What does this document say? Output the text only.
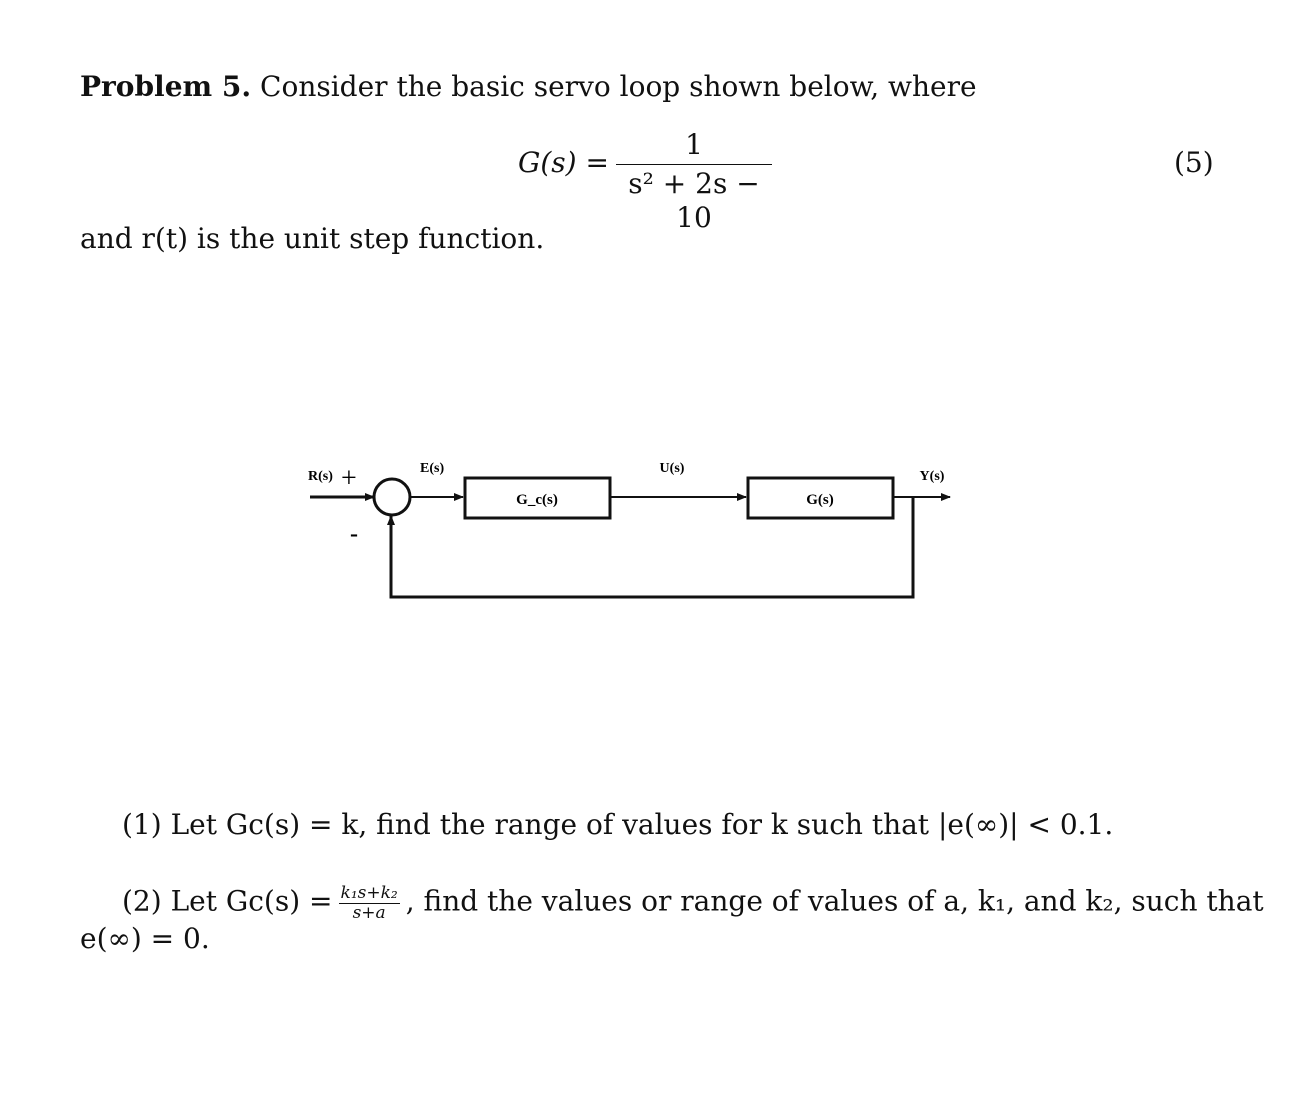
Problem 5. Consider the basic servo loop shown below, where
G(s) =
1
s² + 2s − 10
(5)
and r(t) is the unit step function.
R(s) +
-
E(s)
G_c(s)
U(s)
G(s)
Y(s)
(1) Let Gc(s) = k, find the range of values for k such that |e(∞)| < 0.1.
(2) Let $Gc(s) = \frac{\text{k₁s+k₂}}{s+a}$ , find the values or range of values of a, k₁, and k₂, such that
e(∞) = 0.
